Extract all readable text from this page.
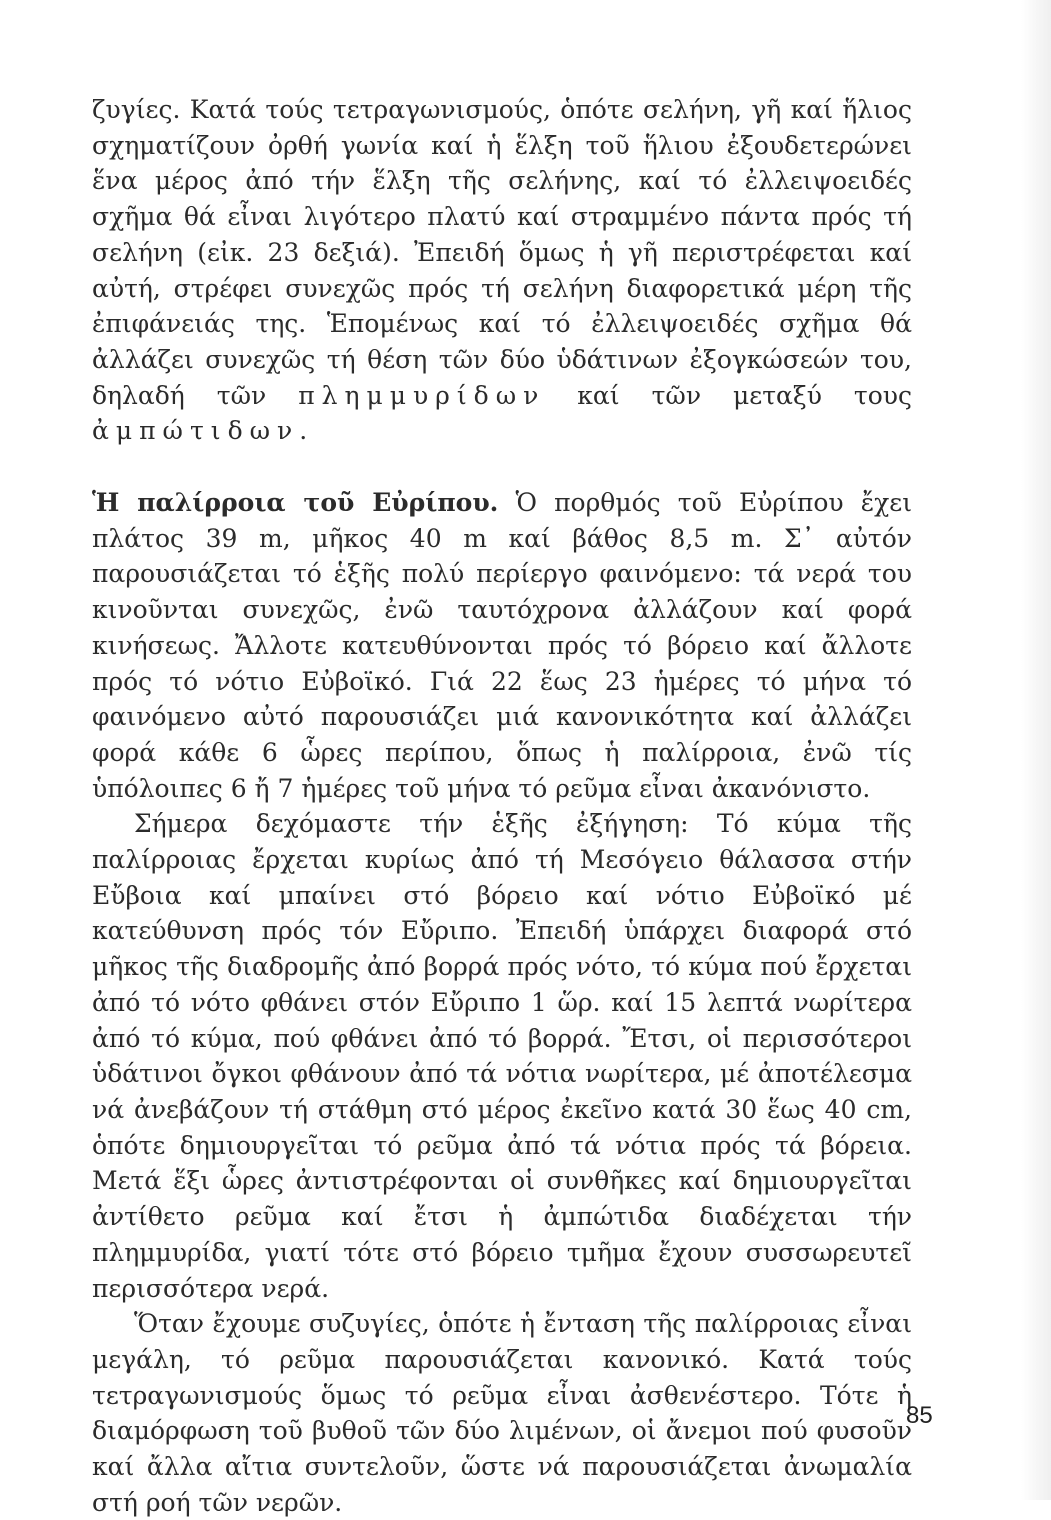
ζυγίες. Κατά τούς τετραγωνισμούς, ὁπότε σελήνη, γῆ καί ἥλιος σχηματίζουν ὀρθή γωνία καί ἡ ἕλξη τοῦ ἥλιου ἐξουδετερώνει ἕνα μέρος ἀπό τήν ἕλξη τῆς σελήνης, καί τό ἐλλειψοειδές σχῆμα θά εἶναι λιγότερο πλατύ καί στραμμένο πάντα πρός τή σελήνη (εἰκ. 23 δεξιά). Ἐπειδή ὅμως ἡ γῆ περιστρέφεται καί αὐτή, στρέφει συνεχῶς πρός τή σελήνη διαφορετικά μέρη τῆς ἐπιφάνειάς της. Ἑπομένως καί τό ἐλλειψοειδές σχῆμα θά ἀλλάζει συνεχῶς τή θέση τῶν δύο ὑδάτινων ἐξογκώσεών του, δηλαδή τῶν πλημμυρίδων καί τῶν μεταξύ τους ἀμπώτιδων.

Ἡ παλίρροια τοῦ Εὐρίπου. Ὁ πορθμός τοῦ Εὐρίπου ἔχει πλάτος 39 m, μῆκος 40 m καί βάθος 8,5 m. Σ᾽ αὐτόν παρουσιάζεται τό ἑξῆς πολύ περίεργο φαινόμενο: τά νερά του κινοῦνται συνεχῶς, ἐνῶ ταυτόχρονα ἀλλάζουν καί φορά κινήσεως. Ἄλλοτε κατευθύνονται πρός τό βόρειο καί ἄλλοτε πρός τό νότιο Εὐβοϊκό. Γιά 22 ἕως 23 ἡμέρες τό μήνα τό φαινόμενο αὐτό παρουσιάζει μιά κανονικότητα καί ἀλλάζει φορά κάθε 6 ὧρες περίπου, ὅπως ἡ παλίρροια, ἐνῶ τίς ὑπόλοιπες 6 ἤ 7 ἡμέρες τοῦ μήνα τό ρεῦμα εἶναι ἀκανόνιστο.

Σήμερα δεχόμαστε τήν ἑξῆς ἐξήγηση: Τό κύμα τῆς παλίρροιας ἔρχεται κυρίως ἀπό τή Μεσόγειο θάλασσα στήν Εὔβοια καί μπαίνει στό βόρειο καί νότιο Εὐβοϊκό μέ κατεύθυνση πρός τόν Εὔριπο. Ἐπειδή ὑπάρχει διαφορά στό μῆκος τῆς διαδρομῆς ἀπό βορρά πρός νότο, τό κύμα πού ἔρχεται ἀπό τό νότο φθάνει στόν Εὔριπο 1 ὥρ. καί 15 λεπτά νωρίτερα ἀπό τό κύμα, πού φθάνει ἀπό τό βορρά. Ἔτσι, οἱ περισσότεροι ὑδάτινοι ὄγκοι φθάνουν ἀπό τά νότια νωρίτερα, μέ ἀποτέλεσμα νά ἀνεβάζουν τή στάθμη στό μέρος ἐκεῖνο κατά 30 ἕως 40 cm, ὁπότε δημιουργεῖται τό ρεῦμα ἀπό τά νότια πρός τά βόρεια. Μετά ἕξι ὧρες ἀντιστρέφονται οἱ συνθῆκες καί δημιουργεῖται ἀντίθετο ρεῦμα καί ἔτσι ἡ ἀμπώτιδα διαδέχεται τήν πλημμυρίδα, γιατί τότε στό βόρειο τμῆμα ἔχουν συσσωρευτεῖ περισσότερα νερά.

Ὅταν ἔχουμε συζυγίες, ὁπότε ἡ ἔνταση τῆς παλίρροιας εἶναι μεγάλη, τό ρεῦμα παρουσιάζεται κανονικό. Κατά τούς τετραγωνισμούς ὅμως τό ρεῦμα εἶναι ἀσθενέστερο. Τότε ἡ διαμόρφωση τοῦ βυθοῦ τῶν δύο λιμένων, οἱ ἄνεμοι πού φυσοῦν καί ἄλλα αἴτια συντελοῦν, ὥστε νά παρουσιάζεται ἀνωμαλία στή ροή τῶν νερῶν.

85
